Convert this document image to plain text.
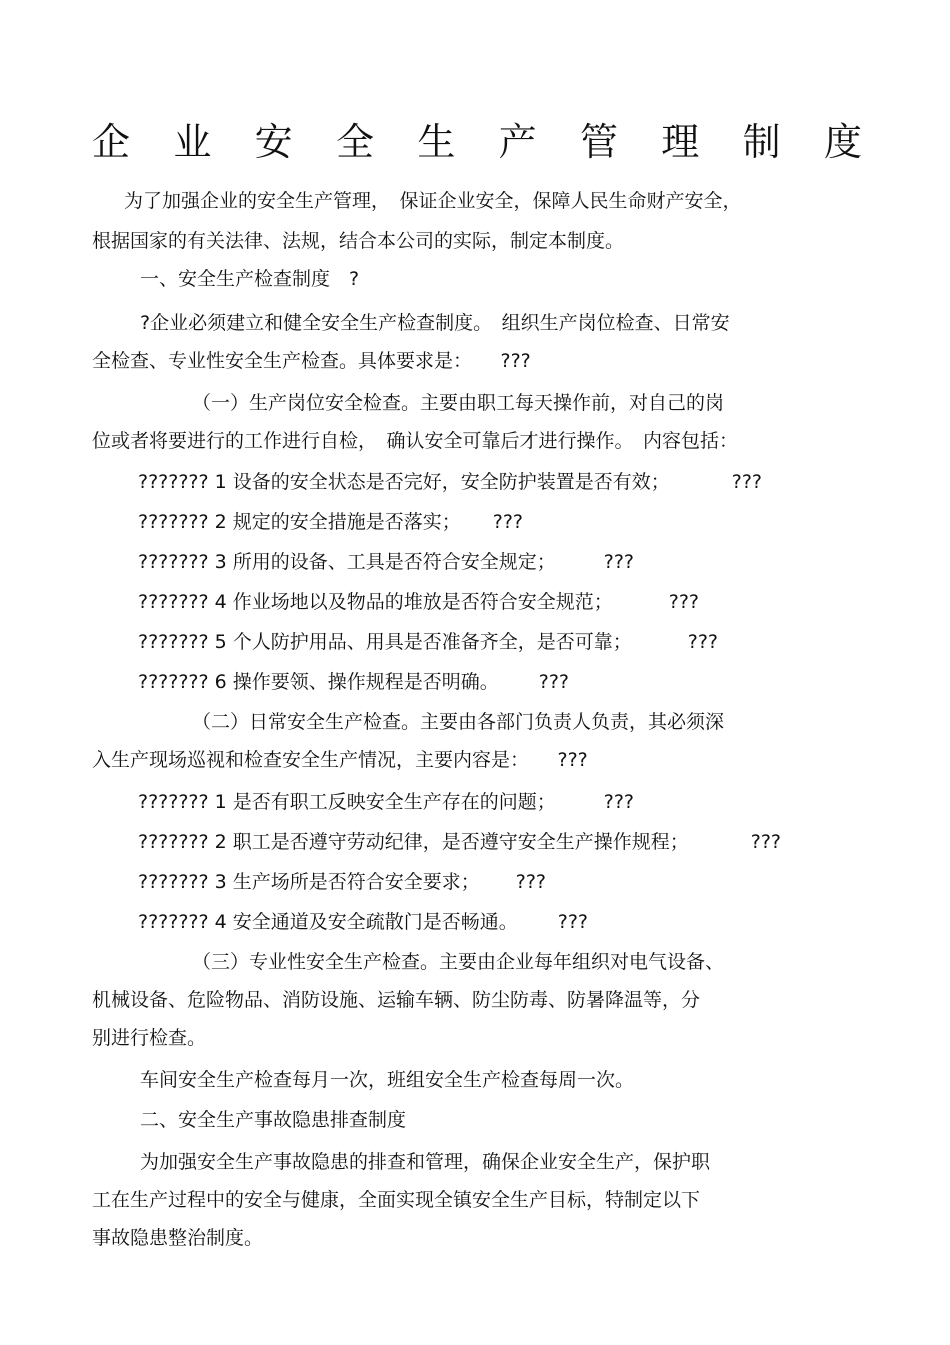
企 业 安 全 生 产 管 理 制 度
为了加强企业的安全生产管理，　保证企业安全，保障人民生命财产安全，
根据国家的有关法律、法规，结合本公司的实际，制定本制度。
一、安全生产检查制度　?
?企业必须建立和健全安全生产检查制度。　组织生产岗位检查、日常安
全检查、专业性安全生产检查。具体要求是：　　???
（一）生产岗位安全检查。主要由职工每天操作前，对自己的岗
位或者将要进行的工作进行自检，　确认安全可靠后才进行操作。　内容包括：
??????? 1 设备的安全状态是否完好，安全防护装置是否有效；	???
??????? 2 规定的安全措施是否落实； ???
??????? 3 所用的设备、工具是否符合安全规定；	???
??????? 4 作业场地以及物品的堆放是否符合安全规范；	???
??????? 5 个人防护用品、用具是否准备齐全，是否可靠；	???
??????? 6 操作要领、操作规程是否明确。 ???
（二）日常安全生产检查。主要由各部门负责人负责，其必须深
入生产现场巡视和检查安全生产情况，主要内容是：　　???
??????? 1 是否有职工反映安全生产存在的问题；	???
??????? 2 职工是否遵守劳动纪律，是否遵守安全生产操作规程；	???
??????? 3 生产场所是否符合安全要求； ???
??????? 4 安全通道及安全疏散门是否畅通。 ???
（三）专业性安全生产检查。主要由企业每年组织对电气设备、
机械设备、危险物品、消防设施、运输车辆、防尘防毒、防暑降温等，分
别进行检查。
车间安全生产检查每月一次，班组安全生产检查每周一次。
二、安全生产事故隐患排查制度
为加强安全生产事故隐患的排查和管理，确保企业安全生产，保护职
工在生产过程中的安全与健康，全面实现全镇安全生产目标，特制定以下
事故隐患整治制度。
